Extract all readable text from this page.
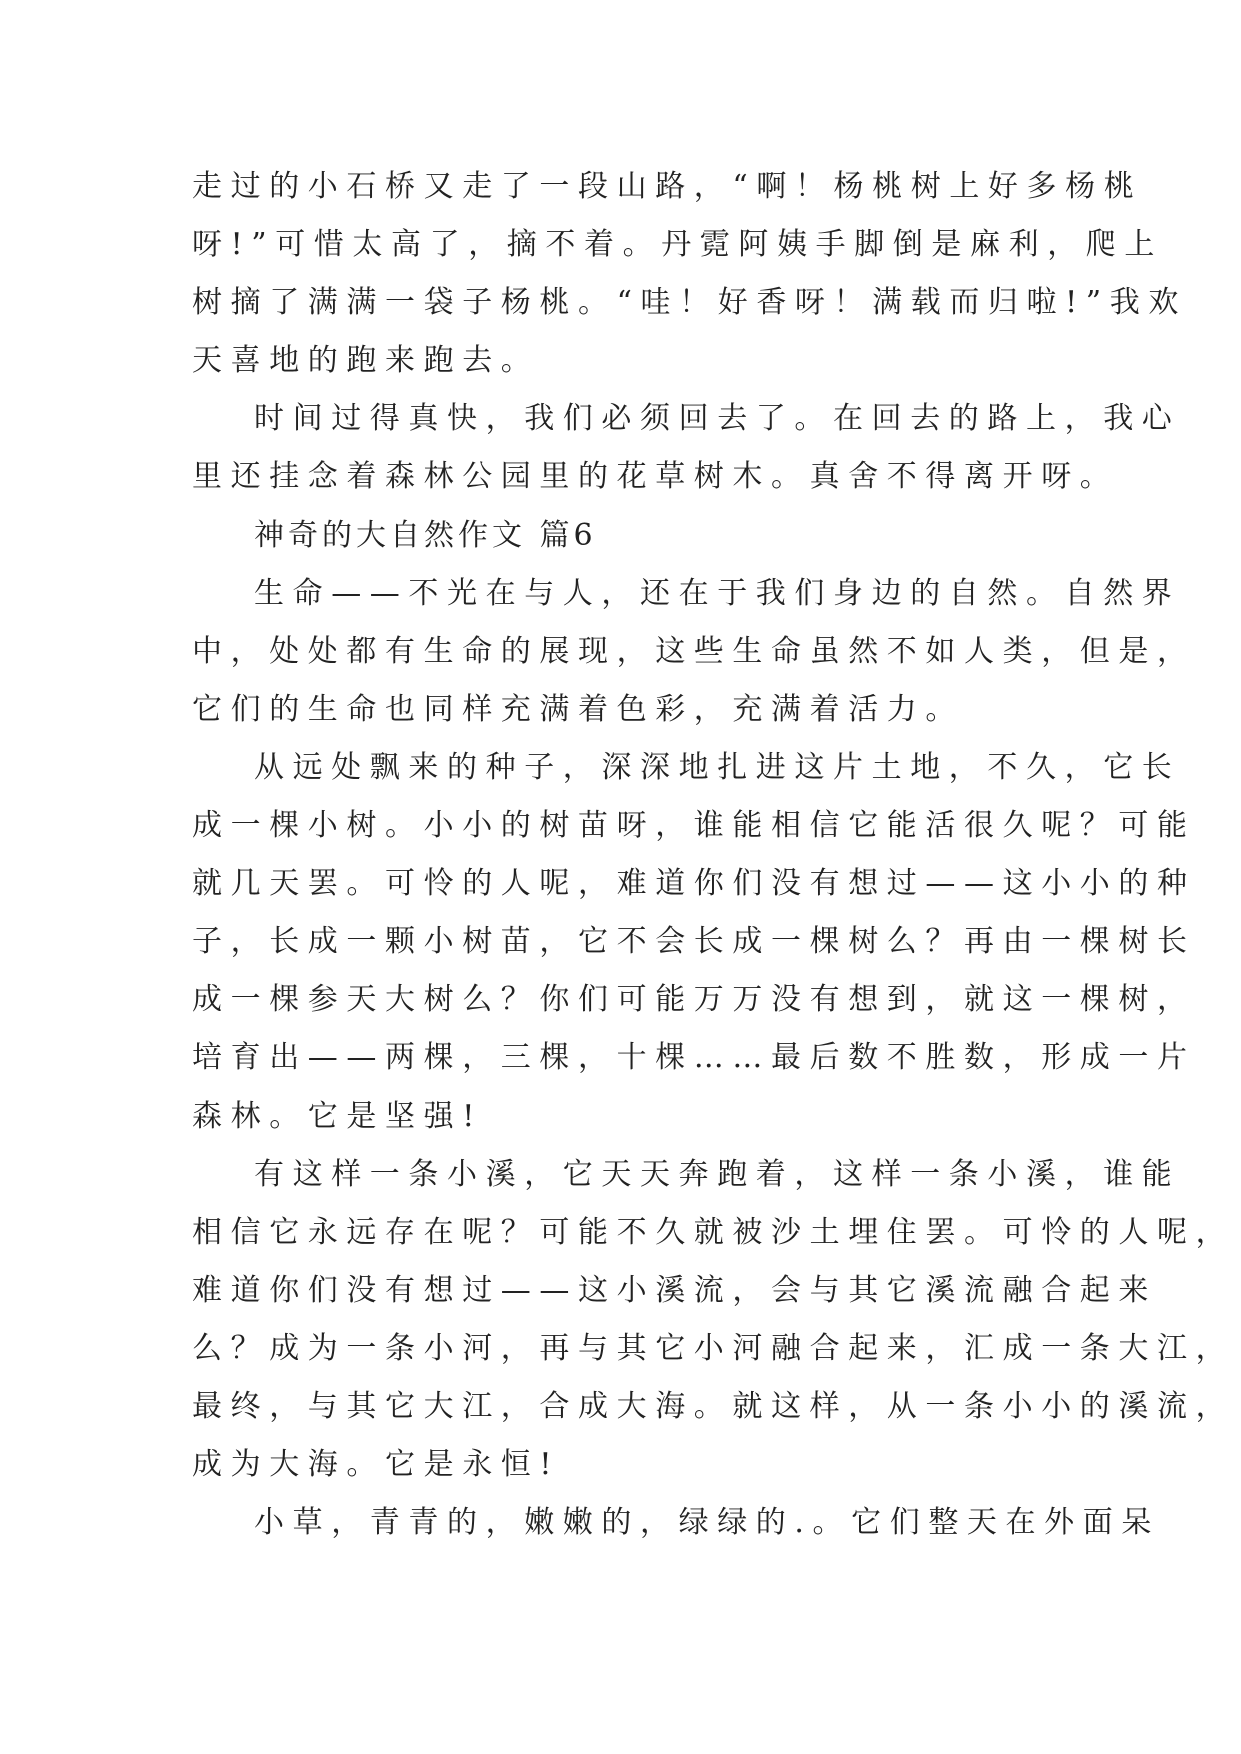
走过的小石桥又走了一段山路，“啊！杨桃树上好多杨桃
呀!”可惜太高了，摘不着。丹霓阿姨手脚倒是麻利，爬上
树摘了满满一袋子杨桃。“哇！好香呀！满载而归啦!”我欢
天喜地的跑来跑去。
时间过得真快，我们必须回去了。在回去的路上，我心
里还挂念着森林公园里的花草树木。真舍不得离开呀。
神奇的大自然作文 篇6
生命——不光在与人，还在于我们身边的自然。自然界
中，处处都有生命的展现，这些生命虽然不如人类，但是，
它们的生命也同样充满着色彩，充满着活力。
从远处飘来的种子，深深地扎进这片土地，不久，它长
成一棵小树。小小的树苗呀，谁能相信它能活很久呢？可能
就几天罢。可怜的人呢，难道你们没有想过——这小小的种
子，长成一颗小树苗，它不会长成一棵树么？再由一棵树长
成一棵参天大树么？你们可能万万没有想到，就这一棵树，
培育出——两棵，三棵，十棵……最后数不胜数，形成一片
森林。它是坚强!
有这样一条小溪，它天天奔跑着，这样一条小溪，谁能
相信它永远存在呢？可能不久就被沙土埋住罢。可怜的人呢，
难道你们没有想过——这小溪流，会与其它溪流融合起来
么？成为一条小河，再与其它小河融合起来，汇成一条大江，
最终，与其它大江，合成大海。就这样，从一条小小的溪流，
成为大海。它是永恒!
小草，青青的，嫩嫩的，绿绿的.。它们整天在外面呆
